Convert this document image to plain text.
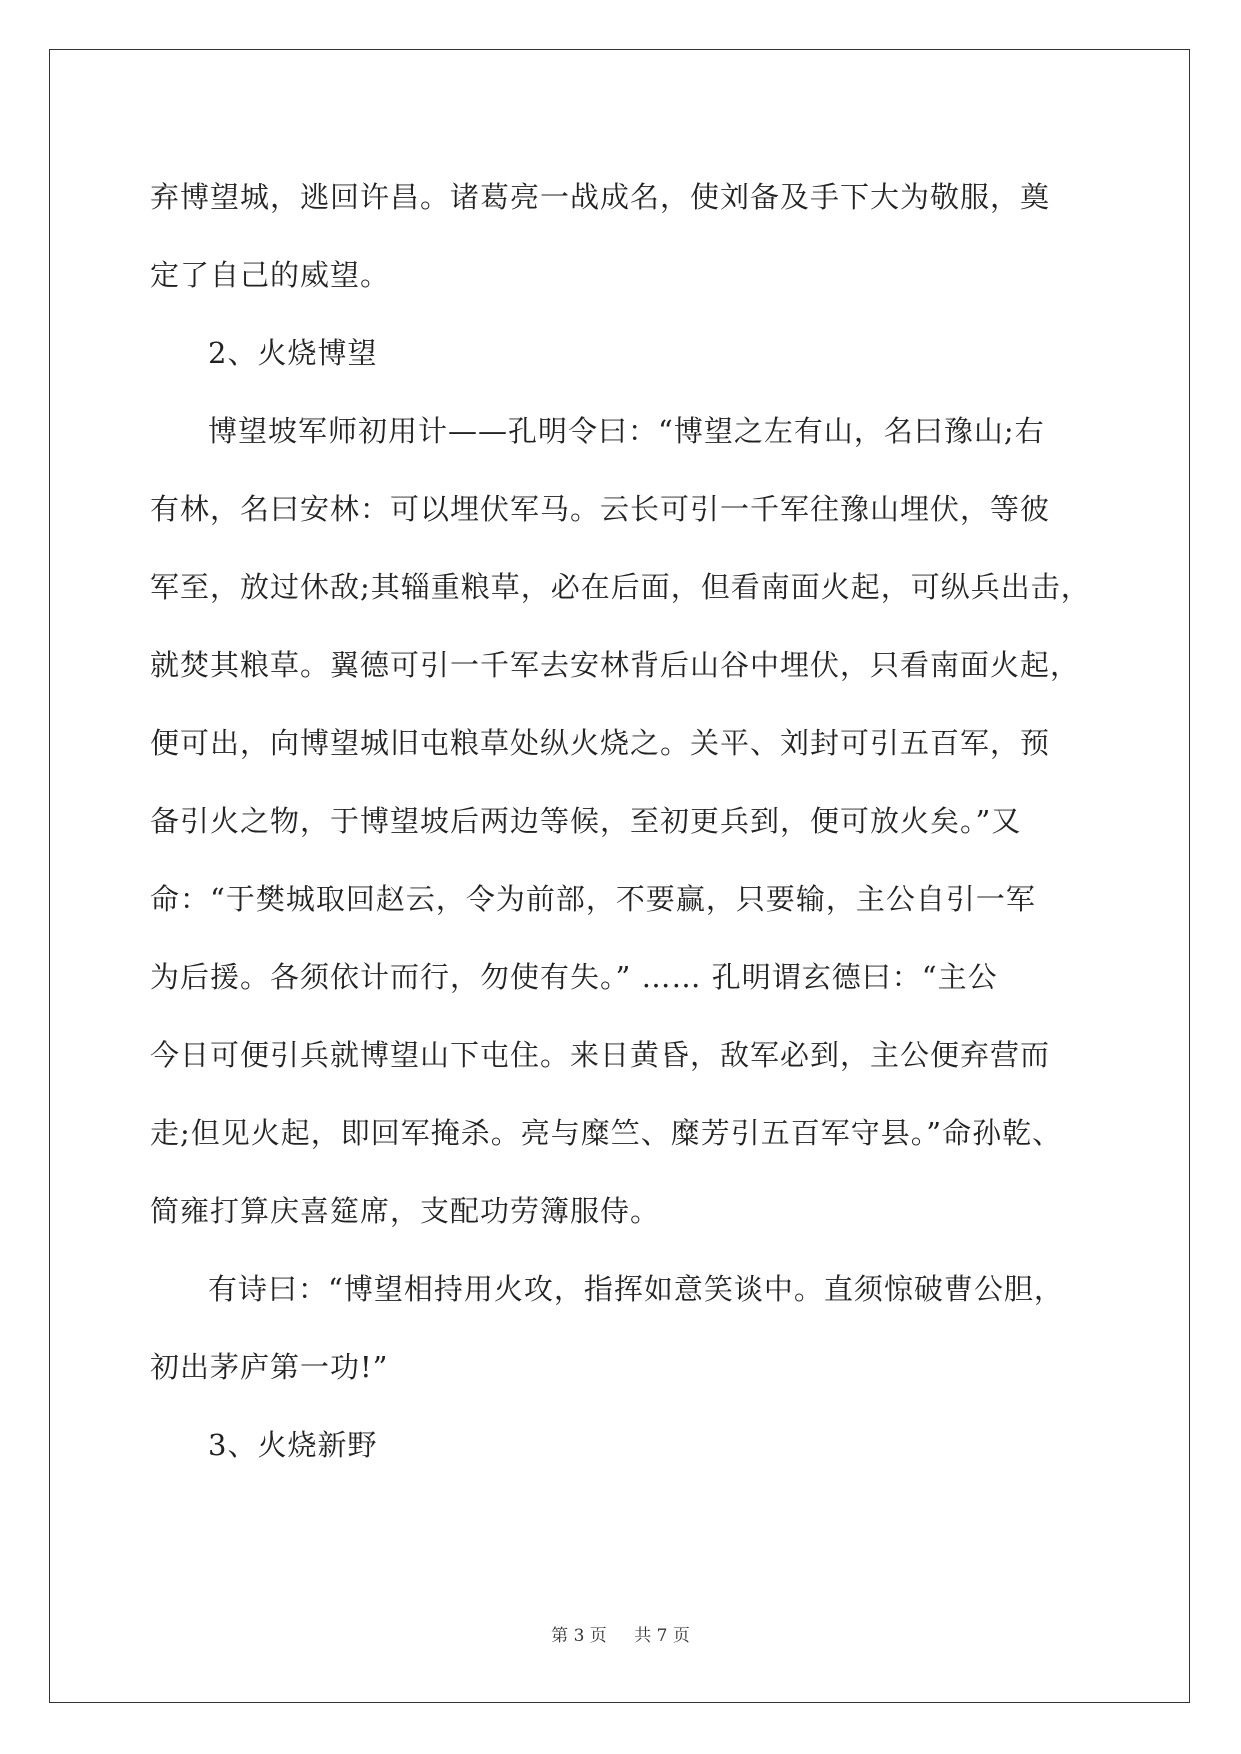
弃博望城，逃回许昌。诸葛亮一战成名，使刘备及手下大为敬服，奠
定了自己的威望。
2、火烧博望
博望坡军师初用计——孔明令曰：“博望之左有山，名曰豫山;右
有林，名曰安林：可以埋伏军马。云长可引一千军往豫山埋伏，等彼
军至，放过休敌;其辎重粮草，必在后面，但看南面火起，可纵兵出击，
就焚其粮草。翼德可引一千军去安林背后山谷中埋伏，只看南面火起，
便可出，向博望城旧屯粮草处纵火烧之。关平、刘封可引五百军，预
备引火之物，于博望坡后两边等候，至初更兵到，便可放火矣。”又
命：“于樊城取回赵云，令为前部，不要赢，只要输，主公自引一军
为后援。各须依计而行，勿使有失。” …… 孔明谓玄德曰：“主公
今日可便引兵就博望山下屯住。来日黄昏，敌军必到，主公便弃营而
走;但见火起，即回军掩杀。亮与糜竺、糜芳引五百军守县。”命孙乾、
简雍打算庆喜筵席，支配功劳簿服侍。
有诗曰：“博望相持用火攻，指挥如意笑谈中。直须惊破曹公胆，
初出茅庐第一功!”
3、火烧新野
第 3 页 共 7 页
